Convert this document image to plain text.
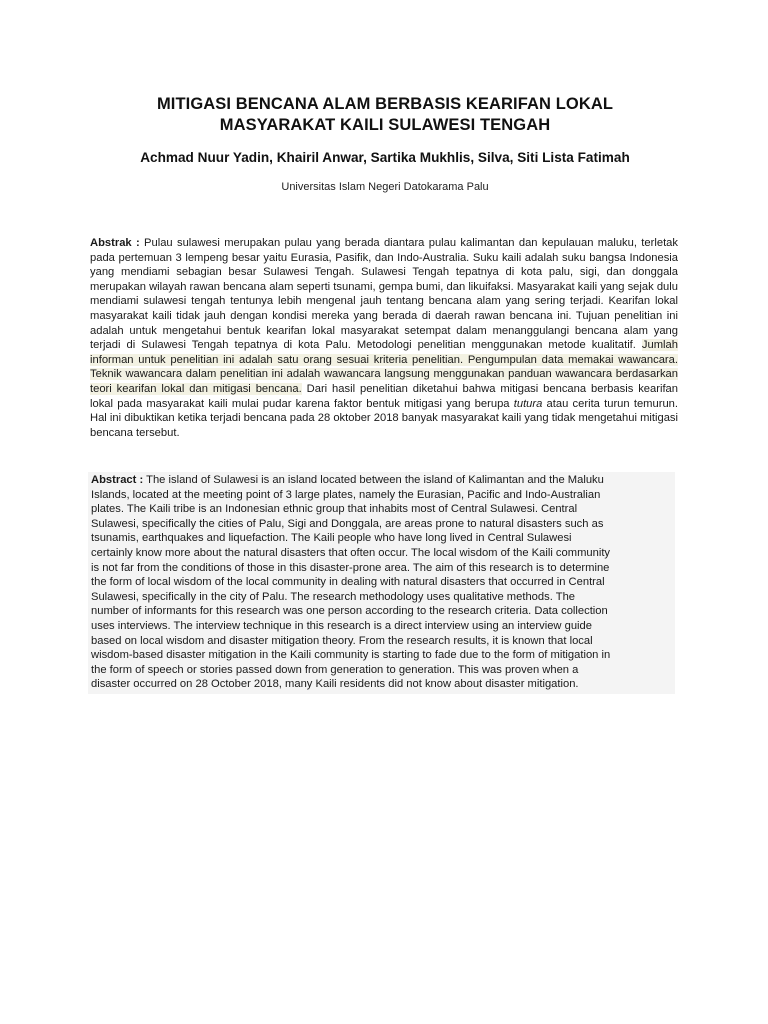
MITIGASI BENCANA ALAM BERBASIS KEARIFAN LOKAL
MASYARAKAT KAILI SULAWESI TENGAH
Achmad Nuur Yadin, Khairil Anwar, Sartika Mukhlis, Silva, Siti Lista Fatimah
Universitas Islam Negeri Datokarama Palu
Abstrak : Pulau sulawesi merupakan pulau yang berada diantara pulau kalimantan dan kepulauan maluku, terletak pada pertemuan 3 lempeng besar yaitu Eurasia, Pasifik, dan Indo-Australia. Suku kaili adalah suku bangsa Indonesia yang mendiami sebagian besar Sulawesi Tengah. Sulawesi Tengah tepatnya di kota palu, sigi, dan donggala merupakan wilayah rawan bencana alam seperti tsunami, gempa bumi, dan likuifaksi. Masyarakat kaili yang sejak dulu mendiami sulawesi tengah tentunya lebih mengenal jauh tentang bencana alam yang sering terjadi. Kearifan lokal masyarakat kaili tidak jauh dengan kondisi mereka yang berada di daerah rawan bencana ini. Tujuan penelitian ini adalah untuk mengetahui bentuk kearifan lokal masyarakat setempat dalam menanggulangi bencana alam yang terjadi di Sulawesi Tengah tepatnya di kota Palu. Metodologi penelitian menggunakan metode kualitatif. Jumlah informan untuk penelitian ini adalah satu orang sesuai kriteria penelitian. Pengumpulan data memakai wawancara. Teknik wawancara dalam penelitian ini adalah wawancara langsung menggunakan panduan wawancara berdasarkan teori kearifan lokal dan mitigasi bencana. Dari hasil penelitian diketahui bahwa mitigasi bencana berbasis kearifan lokal pada masyarakat kaili mulai pudar karena faktor bentuk mitigasi yang berupa tutura atau cerita turun temurun. Hal ini dibuktikan ketika terjadi bencana pada 28 oktober 2018 banyak masyarakat kaili yang tidak mengetahui mitigasi bencana tersebut.
Abstract : The island of Sulawesi is an island located between the island of Kalimantan and the Maluku
Islands, located at the meeting point of 3 large plates, namely the Eurasian, Pacific and Indo-Australian
plates. The Kaili tribe is an Indonesian ethnic group that inhabits most of Central Sulawesi. Central
Sulawesi, specifically the cities of Palu, Sigi and Donggala, are areas prone to natural disasters such as
tsunamis, earthquakes and liquefaction. The Kaili people who have long lived in Central Sulawesi
certainly know more about the natural disasters that often occur. The local wisdom of the Kaili community
is not far from the conditions of those in this disaster-prone area. The aim of this research is to determine
the form of local wisdom of the local community in dealing with natural disasters that occurred in Central
Sulawesi, specifically in the city of Palu. The research methodology uses qualitative methods. The
number of informants for this research was one person according to the research criteria. Data collection
uses interviews. The interview technique in this research is a direct interview using an interview guide
based on local wisdom and disaster mitigation theory. From the research results, it is known that local
wisdom-based disaster mitigation in the Kaili community is starting to fade due to the form of mitigation in
the form of speech or stories passed down from generation to generation. This was proven when a
disaster occurred on 28 October 2018, many Kaili residents did not know about disaster mitigation.
